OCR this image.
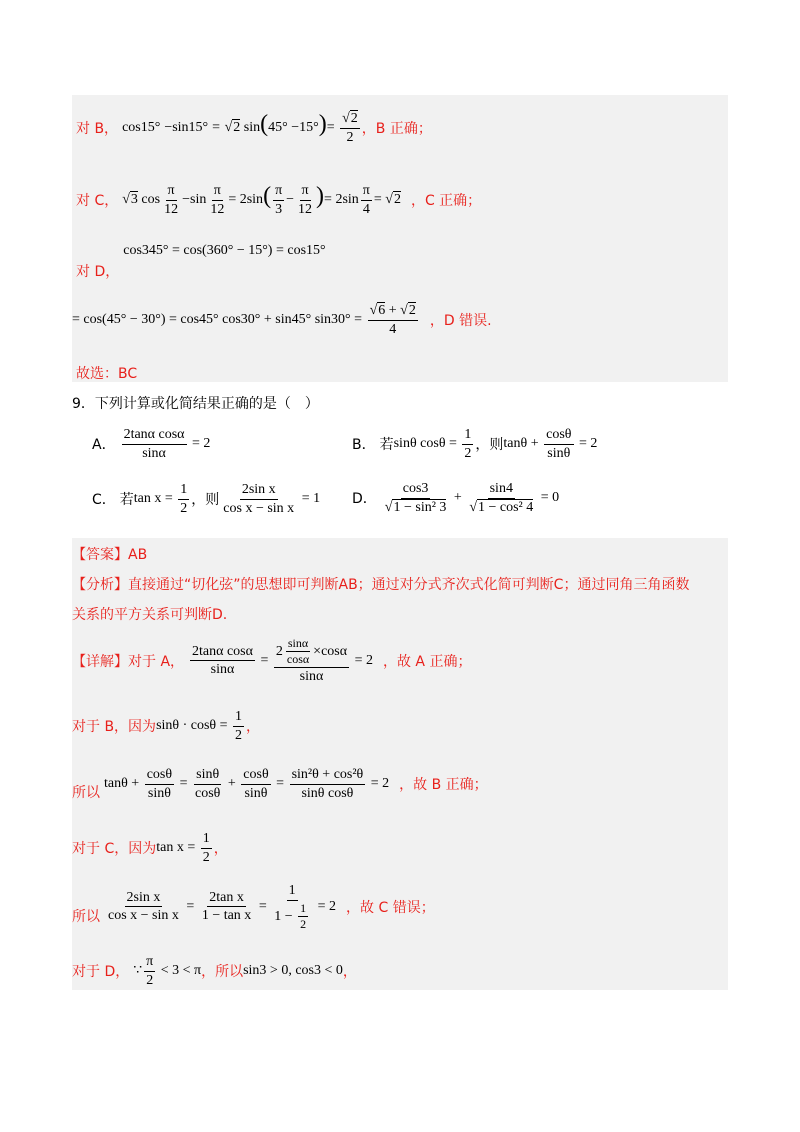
对 B， cos15° −sin15° = √2 $\sin(45^\circ -15^\circ)= \frac{√2}{2}$ ，B 正确；
对 C， √3 $\cos \frac{\pi}{12} -\sin \frac{\pi}{12} = 2\sin( \frac{\pi}{3} - \frac{\pi}{12}$ )= $2\sin \frac{\pi}{4} = √2$ ，C 正确；
对 D，
cos345° = cos(360° − 15°) = cos15°
= cos(45° − 30°) = cos45° cos30° + sin45° $\sin 30^\circ = \frac{√6 + √2}{4}$ ，D 错误.
故选：BC
9．下列计算或化简结果正确的是（　）
A． $\frac{\text{2tanα cosα}}{\sin\alpha} = 2$	B． 若 sinθ $\cos\theta = \frac{1}{2}$ ，则 $\tan\theta + \frac{\cos\theta}{\sin\theta} = 2$
C． 若 $\tan x = \frac{1}{2}$ ，则 $\frac{\text{2sin x}}{\text{cos x − sin x}} = 1$ D． $\frac{\cos 3}{\text{√1 − sin² 3}} + \frac{\sin 4}{\text{√1 − cos² 4}} = 0$
【答案】AB
【分析】直接通过“切化弦”的思想即可判断AB；通过对分式齐次式化简可判断C；通过同角三角函数
关系的平方关系可判断D.
【详解】对于 A， $\frac{\text{2tanα cosα}}{\sin\alpha} = \frac{2 \frac{\sin\alpha}{\cos\alpha} \times\cos\alpha}{\sin\alpha} = 2$ ，故 A 正确；
对于 B，因为 $\sin\theta \cdot \cos\theta = \frac{1}{2}$ ，
所以
$\tan\theta + \frac{\cos\theta}{\sin\theta} = \frac{\sin\theta}{\cos\theta} + \frac{\cos\theta}{\sin\theta} = \frac{\text{sin²θ + cos²θ}}{\text{sinθ cosθ}} = 2$ ，故 B 正确；
对于 C，因为 $\tan x = \frac{1}{2}$ ，
所以 $\frac{\text{2sin x}}{\text{cos x − sin x}} = \frac{\text{2tan x}}{\text{1 − tan x}} = \frac{1}{1 - \frac{1}{2}} = 2$ ，故 C 错误；
对于 D， ∵ $\frac{\pi}{2} < 3 < \pi$ ，所以 sin3 > 0, cos3 < 0 ，
